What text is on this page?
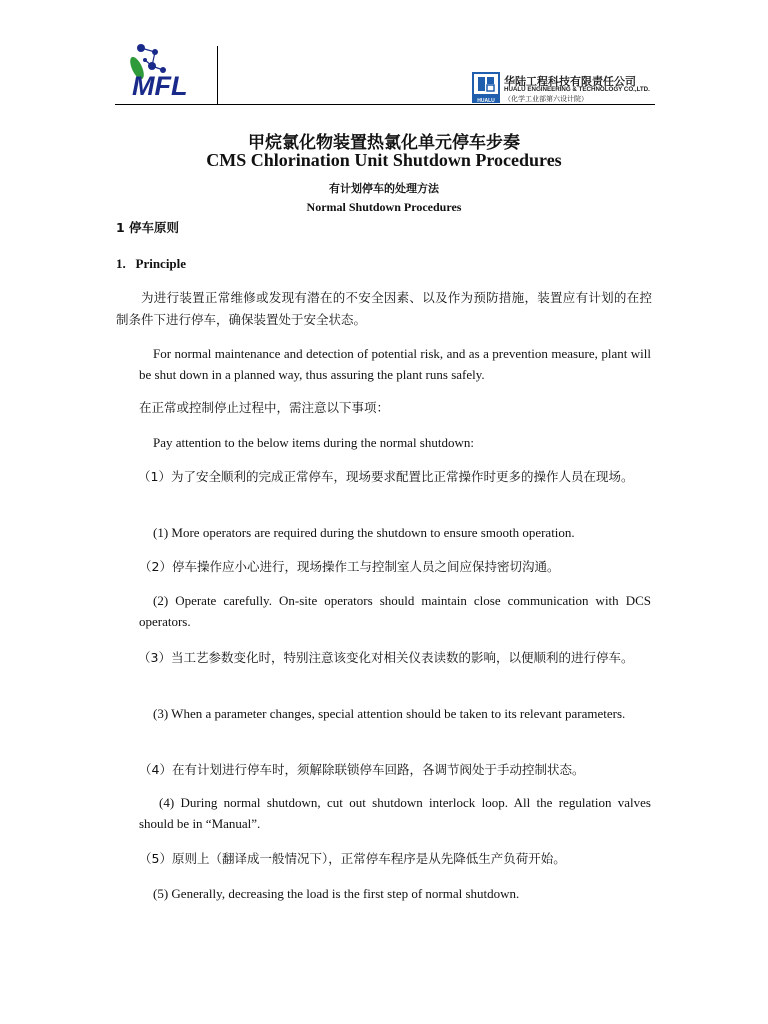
MFL	HUALU
华陆工程科技有限责任公司
HUALU ENGINEERING & TECHNOLOGY CO.,LTD.
（化学工业部第六设计院）
甲烷氯化物装置热氯化单元停车步奏
CMS Chlorination Unit Shutdown Procedures
有计划停车的处理方法
Normal Shutdown Procedures
1 停车原则
1.   Principle
为进行装置正常维修或发现有潜在的不安全因素、以及作为预防措施，装置应有计划的在控制条件下进行停车，确保装置处于安全状态。
For normal maintenance and detection of potential risk, and as a prevention measure, plant will be shut down in a planned way, thus assuring the plant runs safely.
在正常或控制停止过程中，需注意以下事项：
Pay attention to the below items during the normal shutdown:
（1）为了安全顺利的完成正常停车，现场要求配置比正常操作时更多的操作人员在现场。
(1) More operators are required during the shutdown to ensure smooth operation.
（2）停车操作应小心进行，现场操作工与控制室人员之间应保持密切沟通。
(2) Operate carefully. On-site operators should maintain close communication with DCS operators.
（3）当工艺参数变化时，特别注意该变化对相关仪表读数的影响，以便顺利的进行停车。
(3) When a parameter changes, special attention should be taken to its relevant parameters.
（4）在有计划进行停车时，须解除联锁停车回路，各调节阀处于手动控制状态。
(4) During normal shutdown, cut out shutdown interlock loop. All the regulation valves should be in “Manual”.
（5）原则上（翻译成一般情况下），正常停车程序是从先降低生产负荷开始。
(5) Generally, decreasing the load is the first step of normal shutdown.
